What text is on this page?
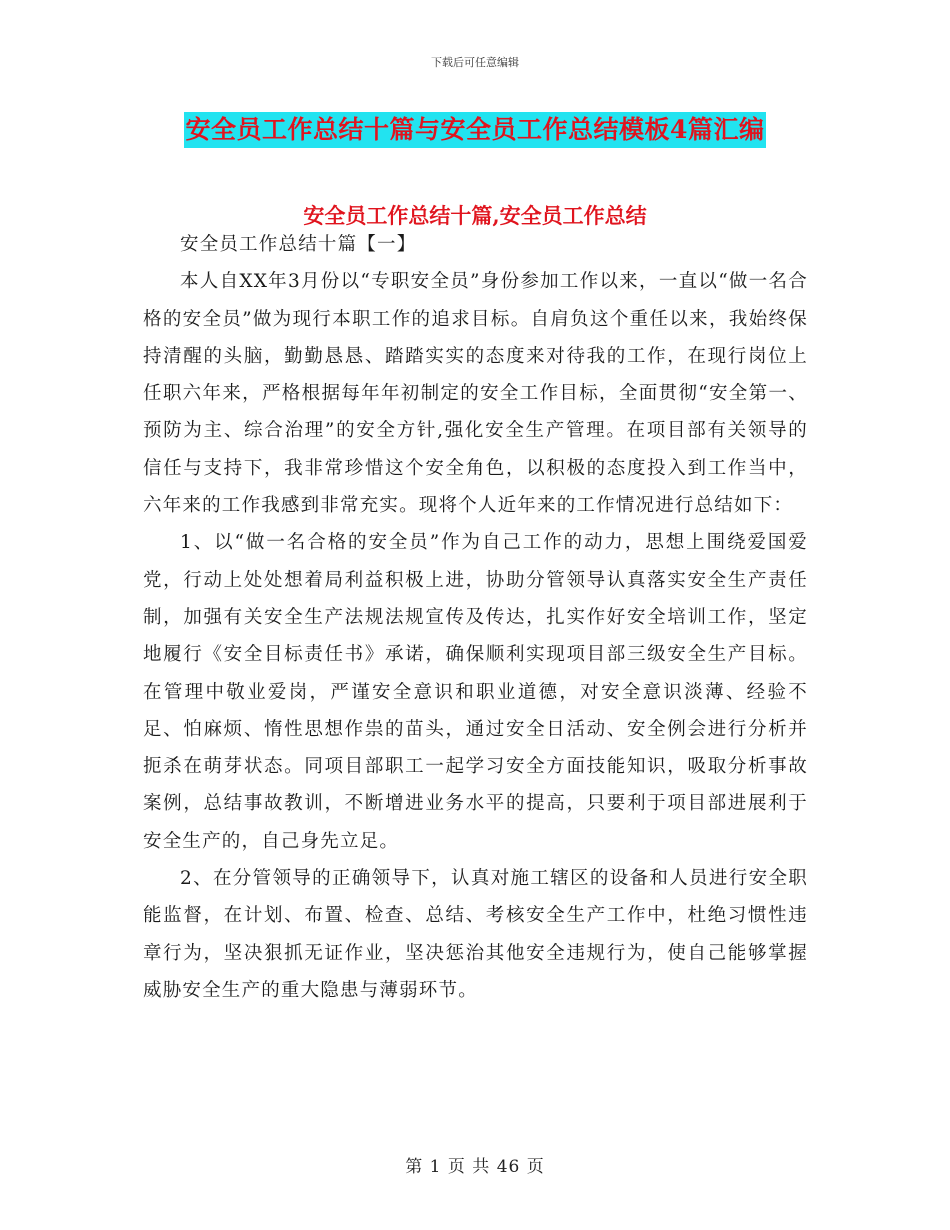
下载后可任意编辑
安全员工作总结十篇与安全员工作总结模板4篇汇编
安全员工作总结十篇,安全员工作总结

安全员工作总结十篇【一】

本人自XX年3月份以“专职安全员”身份参加工作以来，一直以“做一名合格的安全员”做为现行本职工作的追求目标。自肩负这个重任以来，我始终保持清醒的头脑，勤勤恳恳、踏踏实实的态度来对待我的工作，在现行岗位上任职六年来，严格根据每年年初制定的安全工作目标，全面贯彻“安全第一、预防为主、综合治理”的安全方针,强化安全生产管理。在项目部有关领导的信任与支持下，我非常珍惜这个安全角色，以积极的态度投入到工作当中，六年来的工作我感到非常充实。现将个人近年来的工作情况进行总结如下：

1、以“做一名合格的安全员”作为自己工作的动力，思想上围绕爱国爱党，行动上处处想着局利益积极上进，协助分管领导认真落实安全生产责任制，加强有关安全生产法规法规宣传及传达，扎实作好安全培训工作，坚定地履行《安全目标责任书》承诺，确保顺利实现项目部三级安全生产目标。在管理中敬业爱岗，严谨安全意识和职业道德，对安全意识淡薄、经验不足、怕麻烦、惰性思想作祟的苗头，通过安全日活动、安全例会进行分析并扼杀在萌芽状态。同项目部职工一起学习安全方面技能知识，吸取分析事故案例，总结事故教训，不断增进业务水平的提高，只要利于项目部进展利于安全生产的，自己身先立足。

2、在分管领导的正确领导下，认真对施工辖区的设备和人员进行安全职能监督，在计划、布置、检查、总结、考核安全生产工作中，杜绝习惯性违章行为，坚决狠抓无证作业，坚决惩治其他安全违规行为，使自己能够掌握威胁安全生产的重大隐患与薄弱环节。

第 1 页 共 46 页
